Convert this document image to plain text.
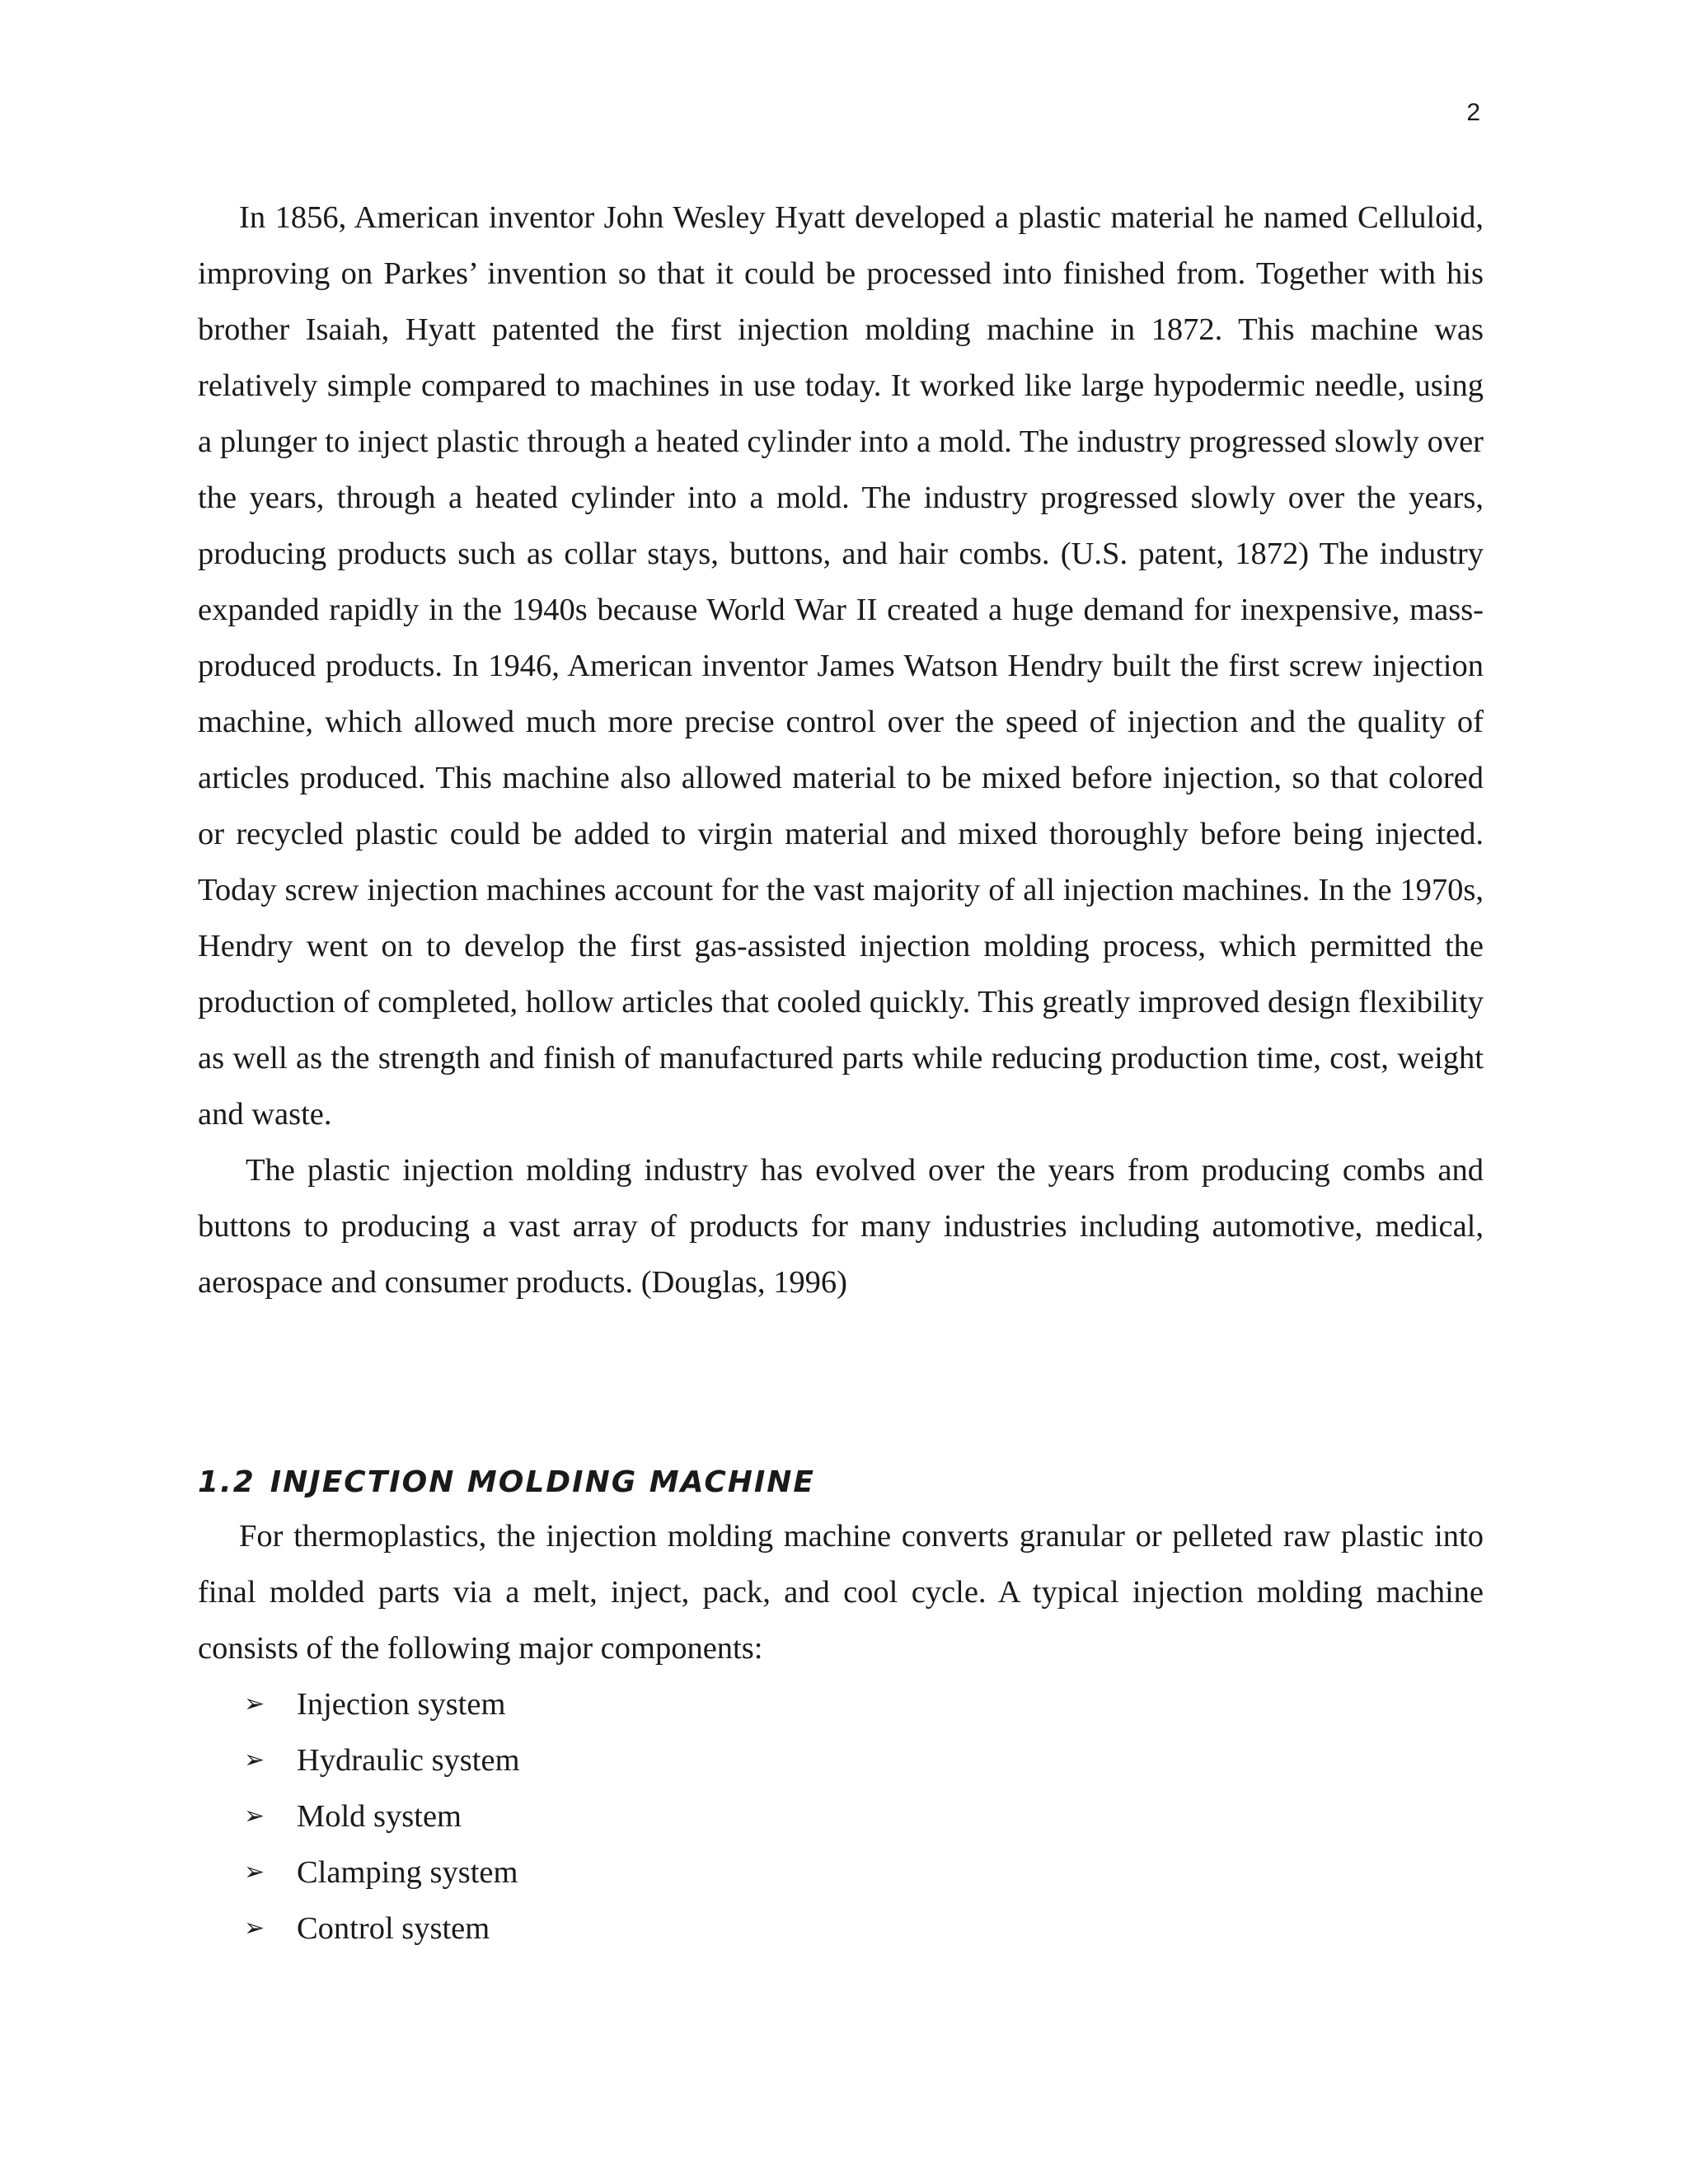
2

In 1856, American inventor John Wesley Hyatt developed a plastic material he named Celluloid, improving on Parkes’ invention so that it could be processed into finished from. Together with his brother Isaiah, Hyatt patented the first injection molding machine in 1872. This machine was relatively simple compared to machines in use today. It worked like large hypodermic needle, using a plunger to inject plastic through a heated cylinder into a mold. The industry progressed slowly over the years, through a heated cylinder into a mold. The industry progressed slowly over the years, producing products such as collar stays, buttons, and hair combs. (U.S. patent, 1872) The industry expanded rapidly in the 1940s because World War II created a huge demand for inexpensive, mass-produced products. In 1946, American inventor James Watson Hendry built the first screw injection machine, which allowed much more precise control over the speed of injection and the quality of articles produced. This machine also allowed material to be mixed before injection, so that colored or recycled plastic could be added to virgin material and mixed thoroughly before being injected. Today screw injection machines account for the vast majority of all injection machines. In the 1970s, Hendry went on to develop the first gas-assisted injection molding process, which permitted the production of completed, hollow articles that cooled quickly. This greatly improved design flexibility as well as the strength and finish of manufactured parts while reducing production time, cost, weight and waste.

The plastic injection molding industry has evolved over the years from producing combs and buttons to producing a vast array of products for many industries including automotive, medical, aerospace and consumer products. (Douglas, 1996)

1.2 INJECTION MOLDING MACHINE

For thermoplastics, the injection molding machine converts granular or pelleted raw plastic into final molded parts via a melt, inject, pack, and cool cycle. A typical injection molding machine consists of the following major components:

➢	Injection system
➢	Hydraulic system
➢	Mold system
➢	Clamping system
➢	Control system
